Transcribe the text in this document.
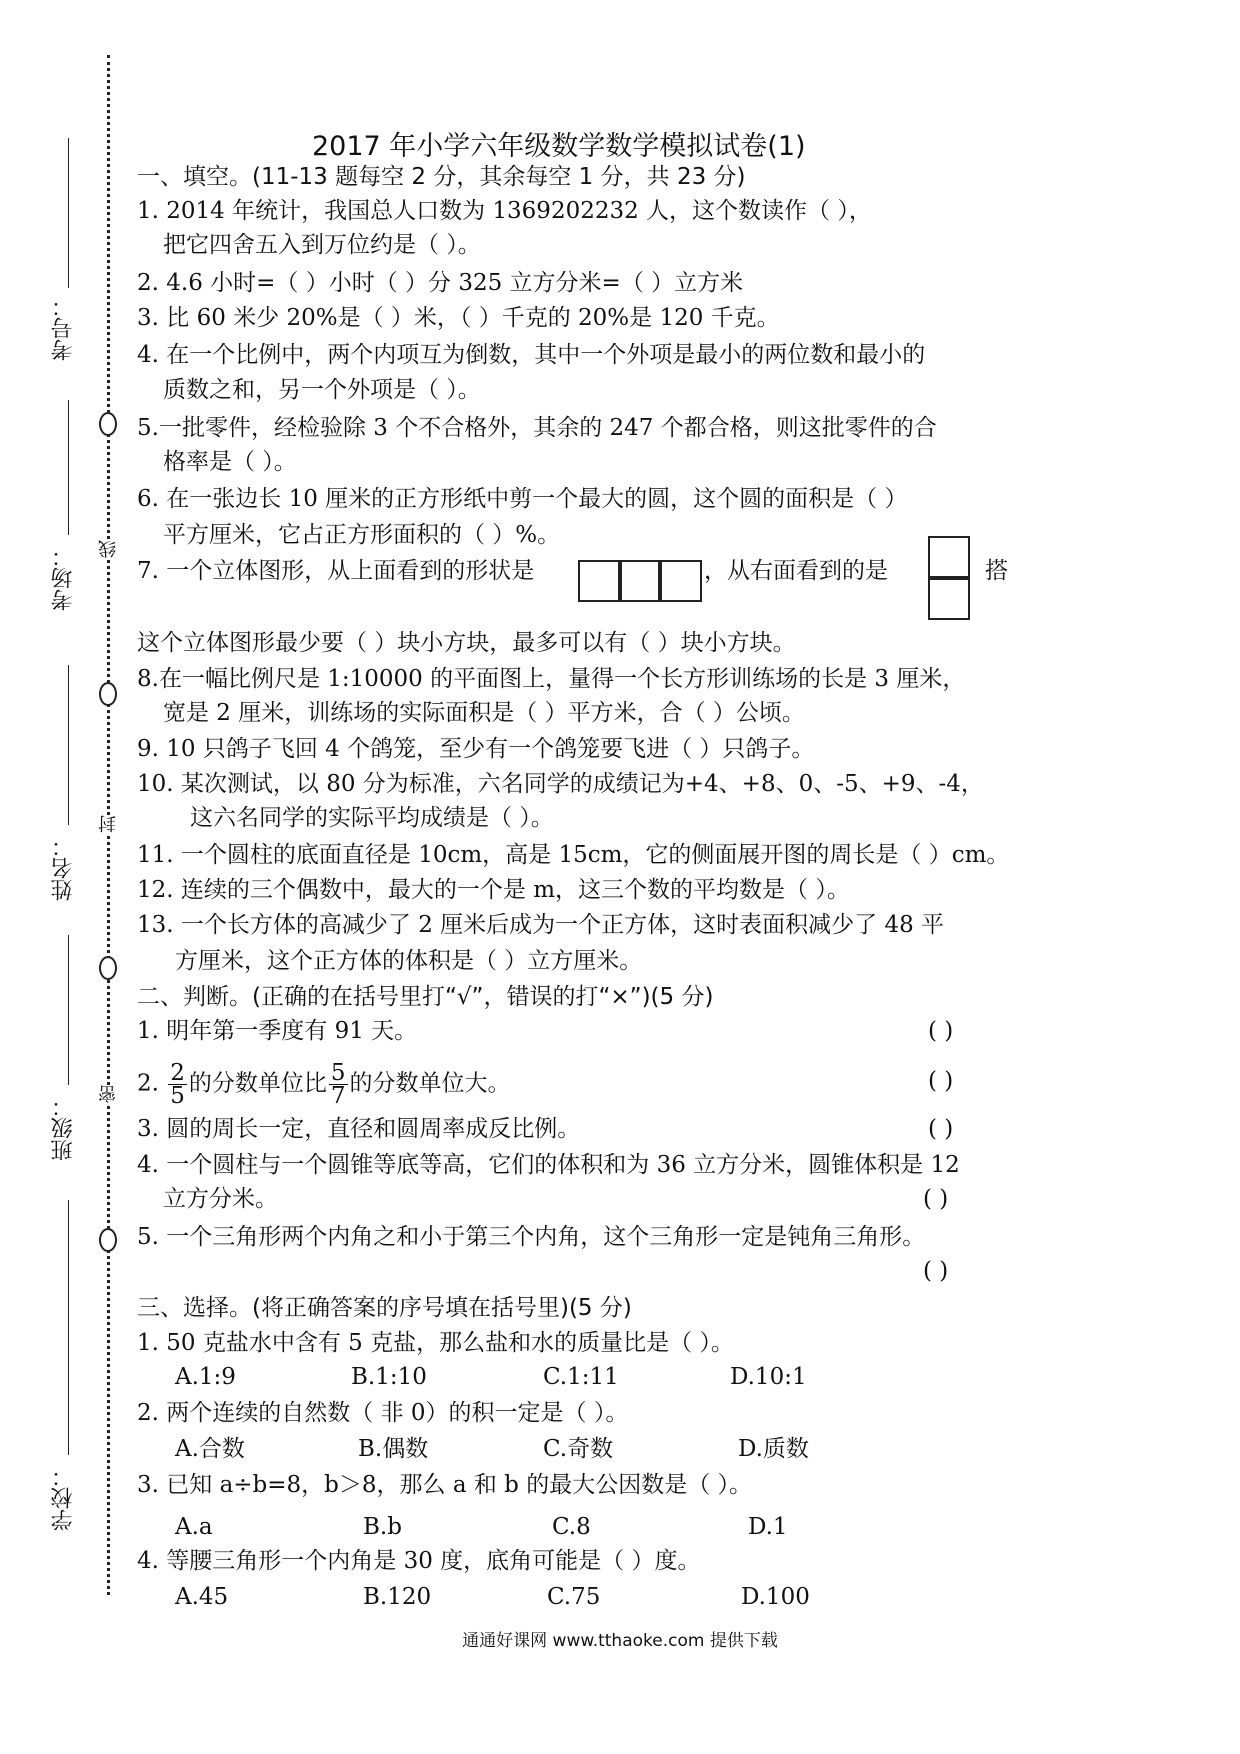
线
封
密
考号：
考场：
姓名：
班级：
学校：
2017 年小学六年级数学数学模拟试卷(1)
一、填空。(11-13 题每空 2 分，其余每空 1 分，共 23 分)
1. 2014 年统计，我国总人口数为 1369202232 人，这个数读作（ ），
把它四舍五入到万位约是（ ）。
2. 4.6 小时=（ ）小时（ ）分 325 立方分米=（ ）立方米
3. 比 60 米少 20%是（ ）米，（ ）千克的 20%是 120 千克。
4. 在一个比例中，两个内项互为倒数，其中一个外项是最小的两位数和最小的
质数之和，另一个外项是（ ）。
5.一批零件，经检验除 3 个不合格外，其余的 247 个都合格，则这批零件的合
格率是（ ）。
6. 在一张边长 10 厘米的正方形纸中剪一个最大的圆，这个圆的面积是（ ）
平方厘米，它占正方形面积的（ ）%。
7. 一个立体图形，从上面看到的形状是	，从右面看到的是	搭
这个立体图形最少要（ ）块小方块，最多可以有（ ）块小方块。
8.在一幅比例尺是 1:10000 的平面图上，量得一个长方形训练场的长是 3 厘米，
宽是 2 厘米，训练场的实际面积是（ ）平方米，合（ ）公顷。
9. 10 只鸽子飞回 4 个鸽笼，至少有一个鸽笼要飞进（ ）只鸽子。
10. 某次测试，以 80 分为标准，六名同学的成绩记为+4、+8、0、-5、+9、-4，
这六名同学的实际平均成绩是（ ）。
11. 一个圆柱的底面直径是 10cm，高是 15cm，它的侧面展开图的周长是（ ）cm。
12. 连续的三个偶数中，最大的一个是 m，这三个数的平均数是（ ）。
13. 一个长方体的高减少了 2 厘米后成为一个正方体，这时表面积减少了 48 平
方厘米，这个正方体的体积是（ ）立方厘米。
二、判断。(正确的在括号里打“√”，错误的打“×”)(5 分)
1. 明年第一季度有 91 天。	( )
2. $\frac{2}{5}$ 的分数单位比 $\frac{5}{7}$ 的分数单位大。	( )
3. 圆的周长一定，直径和圆周率成反比例。	( )
4. 一个圆柱与一个圆锥等底等高，它们的体积和为 36 立方分米，圆锥体积是 12
立方分米。	( )
5. 一个三角形两个内角之和小于第三个内角，这个三角形一定是钝角三角形。
( )
三、选择。(将正确答案的序号填在括号里)(5 分)
1. 50 克盐水中含有 5 克盐，那么盐和水的质量比是（ ）。
A.1:9	B.1:10	C.1:11	D.10:1
2. 两个连续的自然数（ 非 0）的积一定是（ ）。
A.合数	B.偶数	C.奇数	D.质数
3. 已知 a÷b=8，b＞8，那么 a 和 b 的最大公因数是（ ）。
A.a	B.b	C.8	D.1
4. 等腰三角形一个内角是 30 度，底角可能是（ ）度。
A.45	B.120	C.75	D.100
通通好课网 www.tthaoke.com 提供下载
